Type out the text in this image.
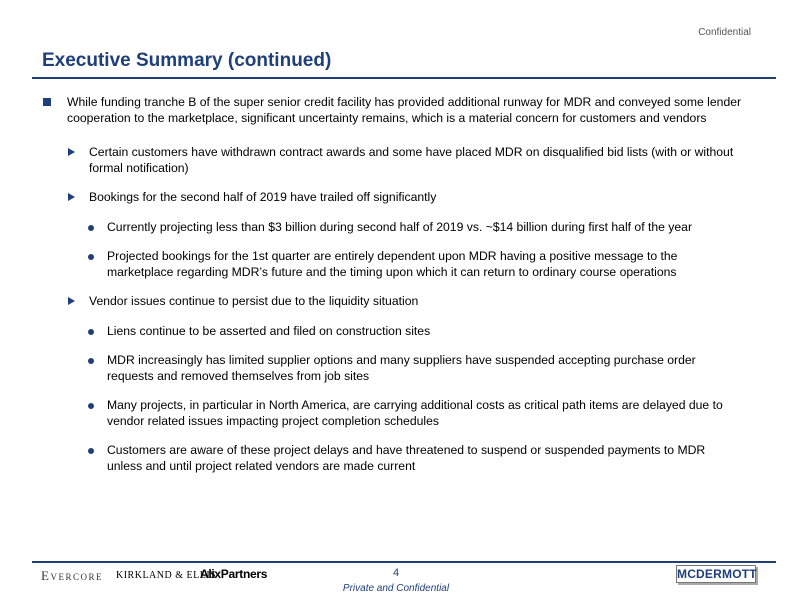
Confidential
Executive Summary (continued)
While funding tranche B of the super senior credit facility has provided additional runway for MDR and conveyed some lender cooperation to the marketplace, significant uncertainty remains, which is a material concern for customers and vendors
Certain customers have withdrawn contract awards and some have placed MDR on disqualified bid lists (with or without formal notification)
Bookings for the second half of 2019 have trailed off significantly
Currently projecting less than $3 billion during second half of 2019 vs. ~$14 billion during first half of the year
Projected bookings for the 1st quarter are entirely dependent upon MDR having a positive message to the marketplace regarding MDR’s future and the timing upon which it can return to ordinary course operations
Vendor issues continue to persist due to the liquidity situation
Liens continue to be asserted and filed on construction sites
MDR increasingly has limited supplier options and many suppliers have suspended accepting purchase order requests and removed themselves from job sites
Many projects, in particular in North America, are carrying additional costs as critical path items are delayed due to vendor related issues impacting project completion schedules
Customers are aware of these project delays and have threatened to suspend or suspended payments to MDR unless and until project related vendors are made current
Evercore KIRKLAND & ELLIS
AlixPartners	4
Private and Confidential
MCDERMOTT
